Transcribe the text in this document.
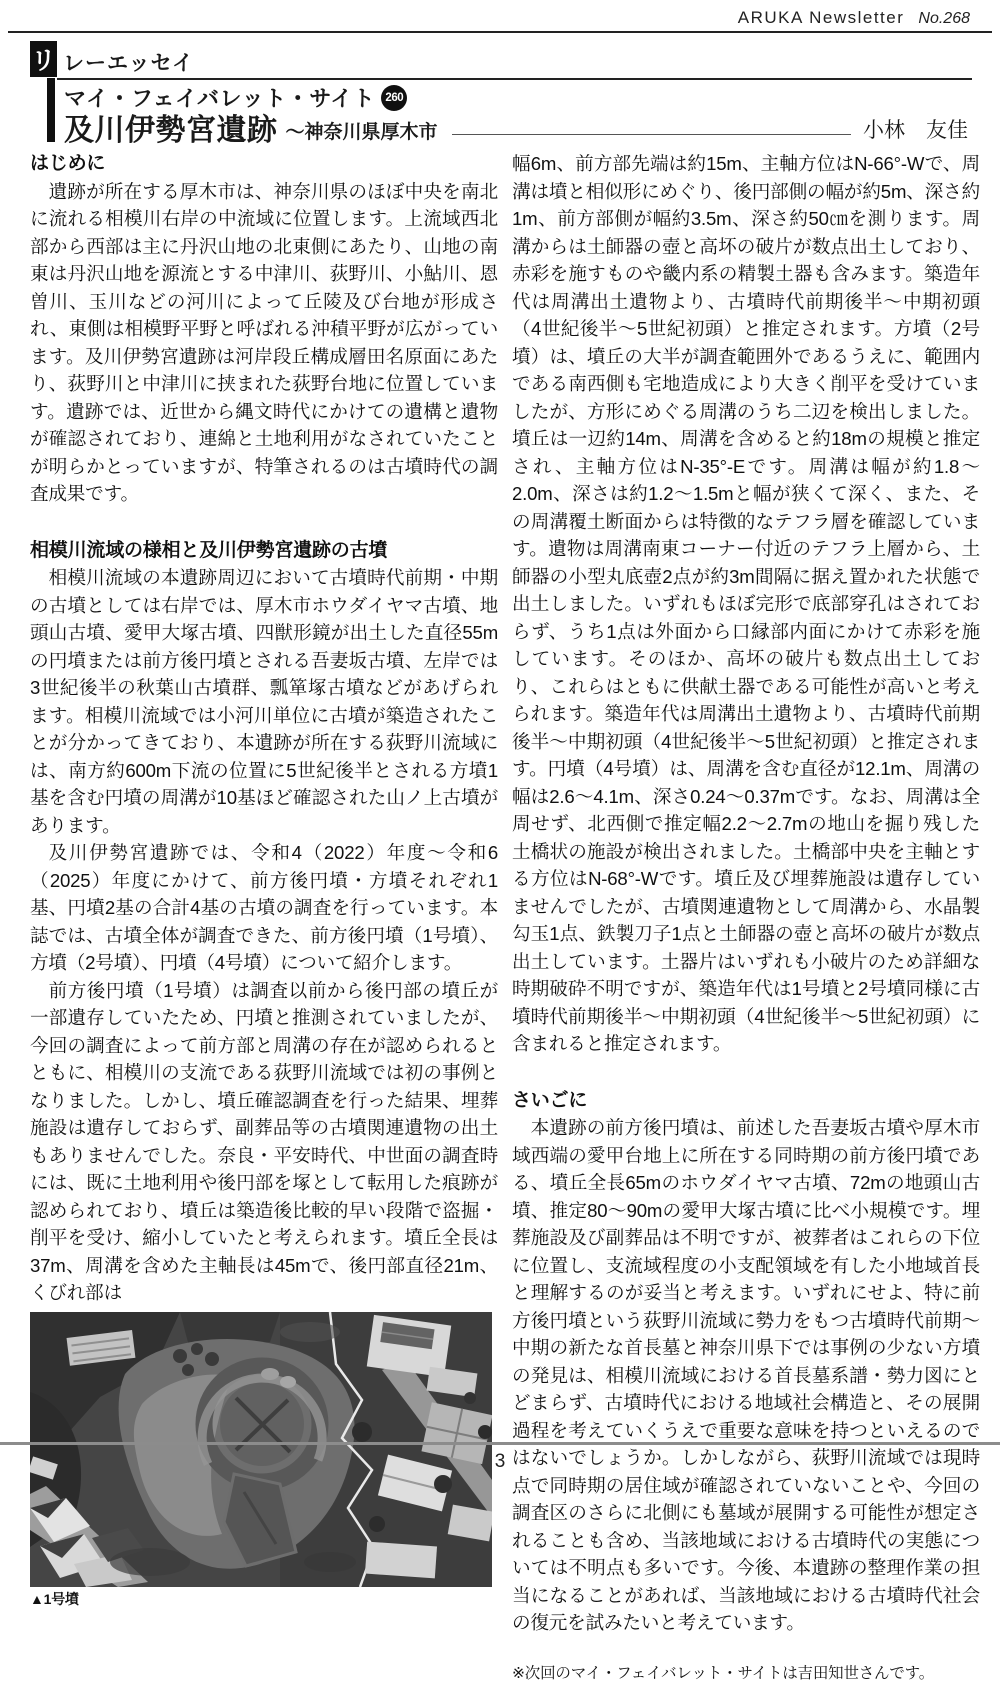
ARUKA Newsletter No.268
リ レーエッセイ
マイ・フェイバレット・サイト 260
及川伊勢宮遺跡 〜神奈川県厚木市	小林　友佳
はじめに

遺跡が所在する厚木市は、神奈川県のほぼ中央を南北に流れる相模川右岸の中流域に位置します。上流域西北部から西部は主に丹沢山地の北東側にあたり、山地の南東は丹沢山地を源流とする中津川、荻野川、小鮎川、恩曽川、玉川などの河川によって丘陵及び台地が形成され、東側は相模野平野と呼ばれる沖積平野が広がっています。及川伊勢宮遺跡は河岸段丘構成層田名原面にあたり、荻野川と中津川に挟まれた荻野台地に位置しています。遺跡では、近世から縄文時代にかけての遺構と遺物が確認されており、連綿と土地利用がなされていたことが明らかとっていますが、特筆されるのは古墳時代の調査成果です。

相模川流域の様相と及川伊勢宮遺跡の古墳

相模川流域の本遺跡周辺において古墳時代前期・中期の古墳としては右岸では、厚木市ホウダイヤマ古墳、地頭山古墳、愛甲大塚古墳、四獣形鏡が出土した直径55mの円墳または前方後円墳とされる吾妻坂古墳、左岸では3世紀後半の秋葉山古墳群、瓢箪塚古墳などがあげられます。相模川流域では小河川単位に古墳が築造されたことが分かってきており、本遺跡が所在する荻野川流域には、南方約600m下流の位置に5世紀後半とされる方墳1基を含む円墳の周溝が10基ほど確認された山ノ上古墳があります。

及川伊勢宮遺跡では、令和4（2022）年度〜令和6（2025）年度にかけて、前方後円墳・方墳それぞれ1基、円墳2基の合計4基の古墳の調査を行っています。本誌では、古墳全体が調査できた、前方後円墳（1号墳）、方墳（2号墳）、円墳（4号墳）について紹介します。

前方後円墳（1号墳）は調査以前から後円部の墳丘が一部遺存していたため、円墳と推測されていましたが、今回の調査によって前方部と周溝の存在が認められるとともに、相模川の支流である荻野川流域では初の事例となりました。しかし、墳丘確認調査を行った結果、埋葬施設は遺存しておらず、副葬品等の古墳関連遺物の出土もありませんでした。奈良・平安時代、中世面の調査時には、既に土地利用や後円部を塚として転用した痕跡が認められており、墳丘は築造後比較的早い段階で盗掘・削平を受け、縮小していたと考えられます。墳丘全長は37m、周溝を含めた主軸長は45mで、後円部直径21m、くびれ部は

▲1号墳

幅6m、前方部先端は約15m、主軸方位はN-66°-Wで、周溝は墳と相似形にめぐり、後円部側の幅が約5m、深さ約1m、前方部側が幅約3.5m、深さ約50㎝を測ります。周溝からは土師器の壺と高坏の破片が数点出土しており、赤彩を施すものや畿内系の精製土器も含みます。築造年代は周溝出土遺物より、古墳時代前期後半〜中期初頭（4世紀後半〜5世紀初頭）と推定されます。方墳（2号墳）は、墳丘の大半が調査範囲外であるうえに、範囲内である南西側も宅地造成により大きく削平を受けていましたが、方形にめぐる周溝のうち二辺を検出しました。墳丘は一辺約14m、周溝を含めると約18mの規模と推定され、主軸方位はN-35°-Eです。周溝は幅が約1.8〜2.0m、深さは約1.2〜1.5mと幅が狭くて深く、また、その周溝覆土断面からは特徴的なテフラ層を確認しています。遺物は周溝南東コーナー付近のテフラ上層から、土師器の小型丸底壺2点が約3m間隔に据え置かれた状態で出土しました。いずれもほぼ完形で底部穿孔はされておらず、うち1点は外面から口縁部内面にかけて赤彩を施しています。そのほか、高坏の破片も数点出土しており、これらはともに供献土器である可能性が高いと考えられます。築造年代は周溝出土遺物より、古墳時代前期後半〜中期初頭（4世紀後半〜5世紀初頭）と推定されます。円墳（4号墳）は、周溝を含む直径が12.1m、周溝の幅は2.6〜4.1m、深さ0.24〜0.37mです。なお、周溝は全周せず、北西側で推定幅2.2〜2.7mの地山を掘り残した土橋状の施設が検出されました。土橋部中央を主軸とする方位はN-68°-Wです。墳丘及び埋葬施設は遺存していませんでしたが、古墳関連遺物として周溝から、水晶製勾玉1点、鉄製刀子1点と土師器の壺と高坏の破片が数点出土しています。土器片はいずれも小破片のため詳細な時期破砕不明ですが、築造年代は1号墳と2号墳同様に古墳時代前期後半〜中期初頭（4世紀後半〜5世紀初頭）に含まれると推定されます。

さいごに

本遺跡の前方後円墳は、前述した吾妻坂古墳や厚木市域西端の愛甲台地上に所在する同時期の前方後円墳である、墳丘全長65mのホウダイヤマ古墳、72mの地頭山古墳、推定80〜90mの愛甲大塚古墳に比べ小規模です。埋葬施設及び副葬品は不明ですが、被葬者はこれらの下位に位置し、支流域程度の小支配領域を有した小地域首長と理解するのが妥当と考えます。いずれにせよ、特に前方後円墳という荻野川流域に勢力をもつ古墳時代前期〜中期の新たな首長墓と神奈川県下では事例の少ない方墳の発見は、相模川流域における首長墓系譜・勢力図にとどまらず、古墳時代における地域社会構造と、その展開過程を考えていくうえで重要な意味を持つといえるのではないでしょうか。しかしながら、荻野川流域では現時点で同時期の居住域が確認されていないことや、今回の調査区のさらに北側にも墓域が展開する可能性が想定されることも含め、当該地域における古墳時代の実態については不明点も多いです。今後、本遺跡の整理作業の担当になることがあれば、当該地域における古墳時代社会の復元を試みたいと考えています。

※次回のマイ・フェイバレット・サイトは吉田知世さんです。

3
